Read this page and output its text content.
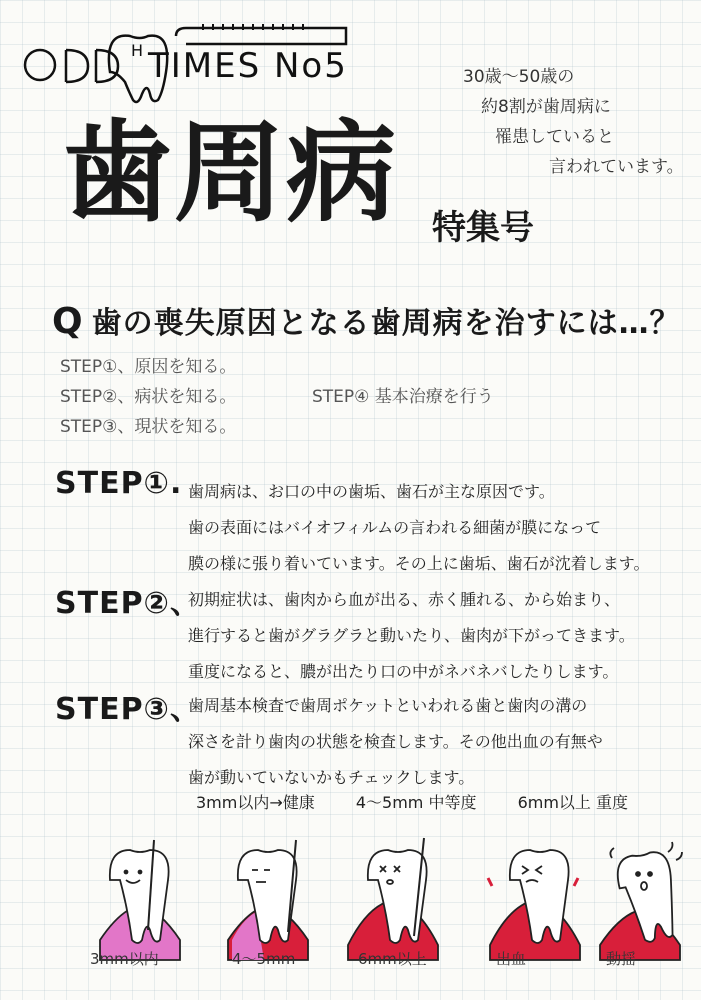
H TIMES No5	30歳〜50歳の
約8割が歯周病に
罹患していると
言われています。
歯周病 特集号
Q 歯の喪失原因となる歯周病を治すには…？
STEP①、原因を知る。
STEP②、病状を知る。
STEP③、現状を知る。
STEP④ 基本治療を行う
STEP①. 歯周病は、お口の中の歯垢、歯石が主な原因です。
歯の表面にはバイオフィルムの言われる細菌が膜になって
膜の様に張り着いています。その上に歯垢、歯石が沈着します。
STEP②、
初期症状は、歯肉から血が出る、赤く腫れる、から始まり、
進行すると歯がグラグラと動いたり、歯肉が下がってきます。
重度になると、膿が出たり口の中がネバネバしたりします。
STEP③、
歯周基本検査で歯周ポケットといわれる歯と歯肉の溝の
深さを計り歯肉の状態を検査します。その他出血の有無や
歯が動いていないかもチェックします。
3mm以内→健康	4〜5mm 中等度	6mm以上 重度
3mm以内	4〜5mm	6mm以上	出血	動揺
